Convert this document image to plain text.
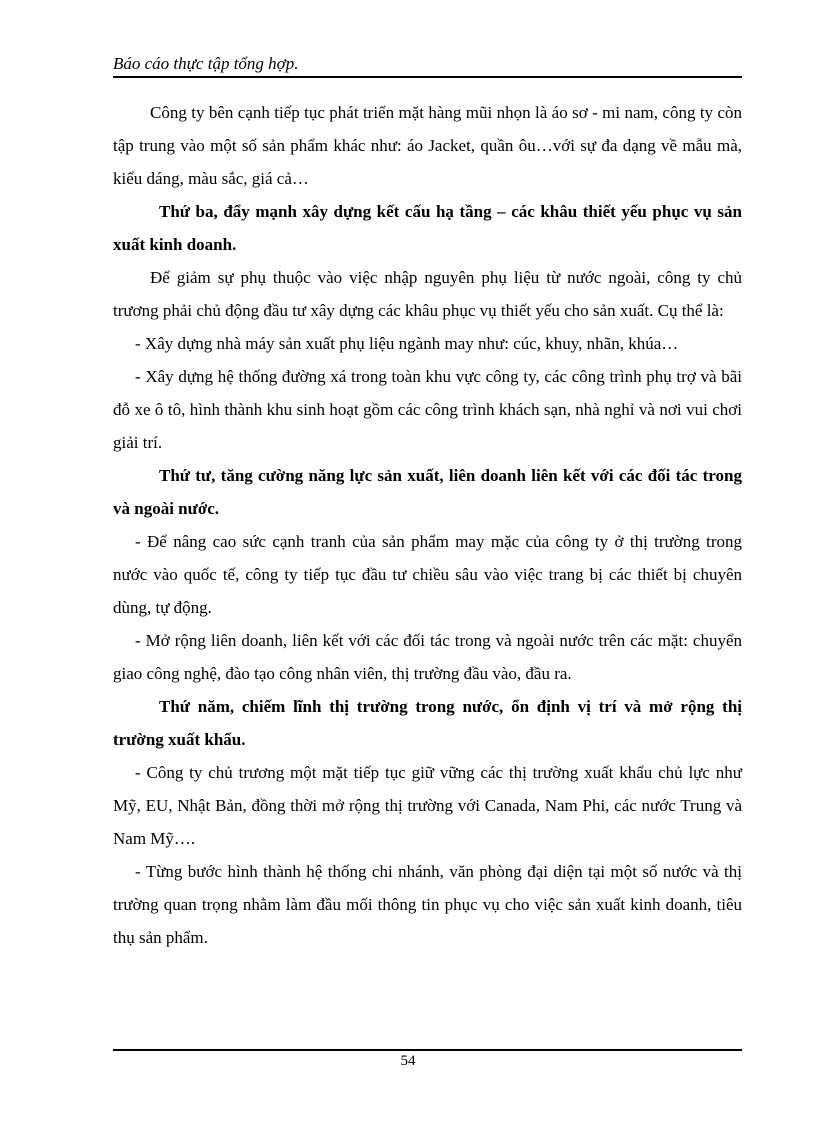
Báo cáo thực tập tổng hợp.

Công ty bên cạnh tiếp tục phát triển mặt hàng mũi nhọn là áo sơ - mi nam, công ty còn tập trung vào một số sản phẩm khác như: áo Jacket, quần ôu…với sự đa dạng về mẫu mà, kiểu dáng, màu sắc, giá cả…

Thứ ba, đẩy mạnh xây dựng kết cấu hạ tầng – các khâu thiết yếu phục vụ sản xuất kinh doanh.

Để giảm sự phụ thuộc vào việc nhập nguyên phụ liệu từ nước ngoài, công ty chủ trương phải chủ động đầu tư xây dựng các khâu phục vụ thiết yếu cho sản xuất. Cụ thể là:

- Xây dựng nhà máy sản xuất phụ liệu ngành may như: cúc, khuy, nhãn, khúa…

- Xây dựng hệ thống đường xá trong toàn khu vực công ty, các công trình phụ trợ và bãi đỗ xe ô tô, hình thành khu sinh hoạt gồm các công trình khách sạn, nhà nghỉ và nơi vui chơi giải trí.

Thứ tư, tăng cường năng lực sản xuất, liên doanh liên kết với các đối tác trong và ngoài nước.

- Để nâng cao sức cạnh tranh của sản phẩm may mặc của công ty ở thị trường trong nước vào quốc tế, công ty tiếp tục đầu tư chiều sâu vào việc trang bị các thiết bị chuyên dùng, tự động.

- Mở rộng liên doanh, liên kết với các đối tác trong và ngoài nước trên các mặt: chuyển giao công nghệ, đào tạo công nhân viên, thị trường đầu vào, đầu ra.

Thứ năm, chiếm lĩnh thị trường trong nước, ổn định vị trí và mở rộng thị trường xuất khẩu.

- Công ty chủ trương một mặt tiếp tục giữ vững các thị trường xuất khẩu chủ lực như Mỹ, EU, Nhật Bản, đồng thời mở rộng thị trường với Canada, Nam Phi, các nước Trung và Nam Mỹ….

- Từng bước hình thành hệ thống chi nhánh, văn phòng đại diện tại một số nước và thị trường quan trọng nhằm làm đầu mối thông tin phục vụ cho việc sản xuất kinh doanh, tiêu thụ sản phẩm.

54
